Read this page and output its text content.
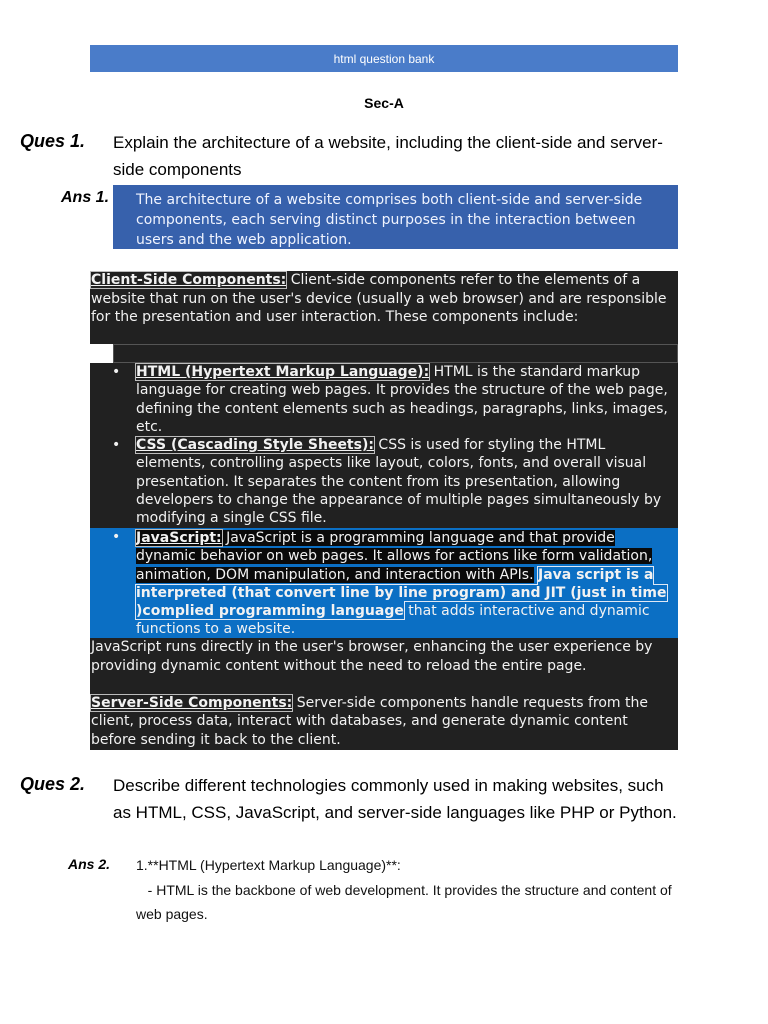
html question bank
Sec-A
Ques 1. Explain the architecture of a website, including the client-side and server-side components
Ans 1.	The architecture of a website comprises both client-side and server-side components, each serving distinct purposes in the interaction between users and the web application.
Client-Side Components: Client-side components refer to the elements of a website that run on the user's device (usually a web browser) and are responsible for the presentation and user interaction. These components include:
• HTML (Hypertext Markup Language): HTML is the standard markup language for creating web pages. It provides the structure of the web page, defining the content elements such as headings, paragraphs, links, images, etc.
• CSS (Cascading Style Sheets): CSS is used for styling the HTML elements, controlling aspects like layout, colors, fonts, and overall visual presentation. It separates the content from its presentation, allowing developers to change the appearance of multiple pages simultaneously by modifying a single CSS file.
• JavaScript: JavaScript is a programming language and that provide dynamic behavior on web pages. It allows for actions like form validation, animation, DOM manipulation, and interaction with APIs. Java script is a interpreted (that convert line by line program) and JIT (just in time )complied programming language that adds interactive and dynamic functions to a website.
JavaScript runs directly in the user's browser, enhancing the user experience by providing dynamic content without the need to reload the entire page.
Server-Side Components: Server-side components handle requests from the client, process data, interact with databases, and generate dynamic content before sending it back to the client.
Ques 2. Describe different technologies commonly used in making websites, such as HTML, CSS, JavaScript, and server-side languages like PHP or Python.
Ans 2. 1.**HTML (Hypertext Markup Language)**:
- HTML is the backbone of web development. It provides the structure and content of web pages.
